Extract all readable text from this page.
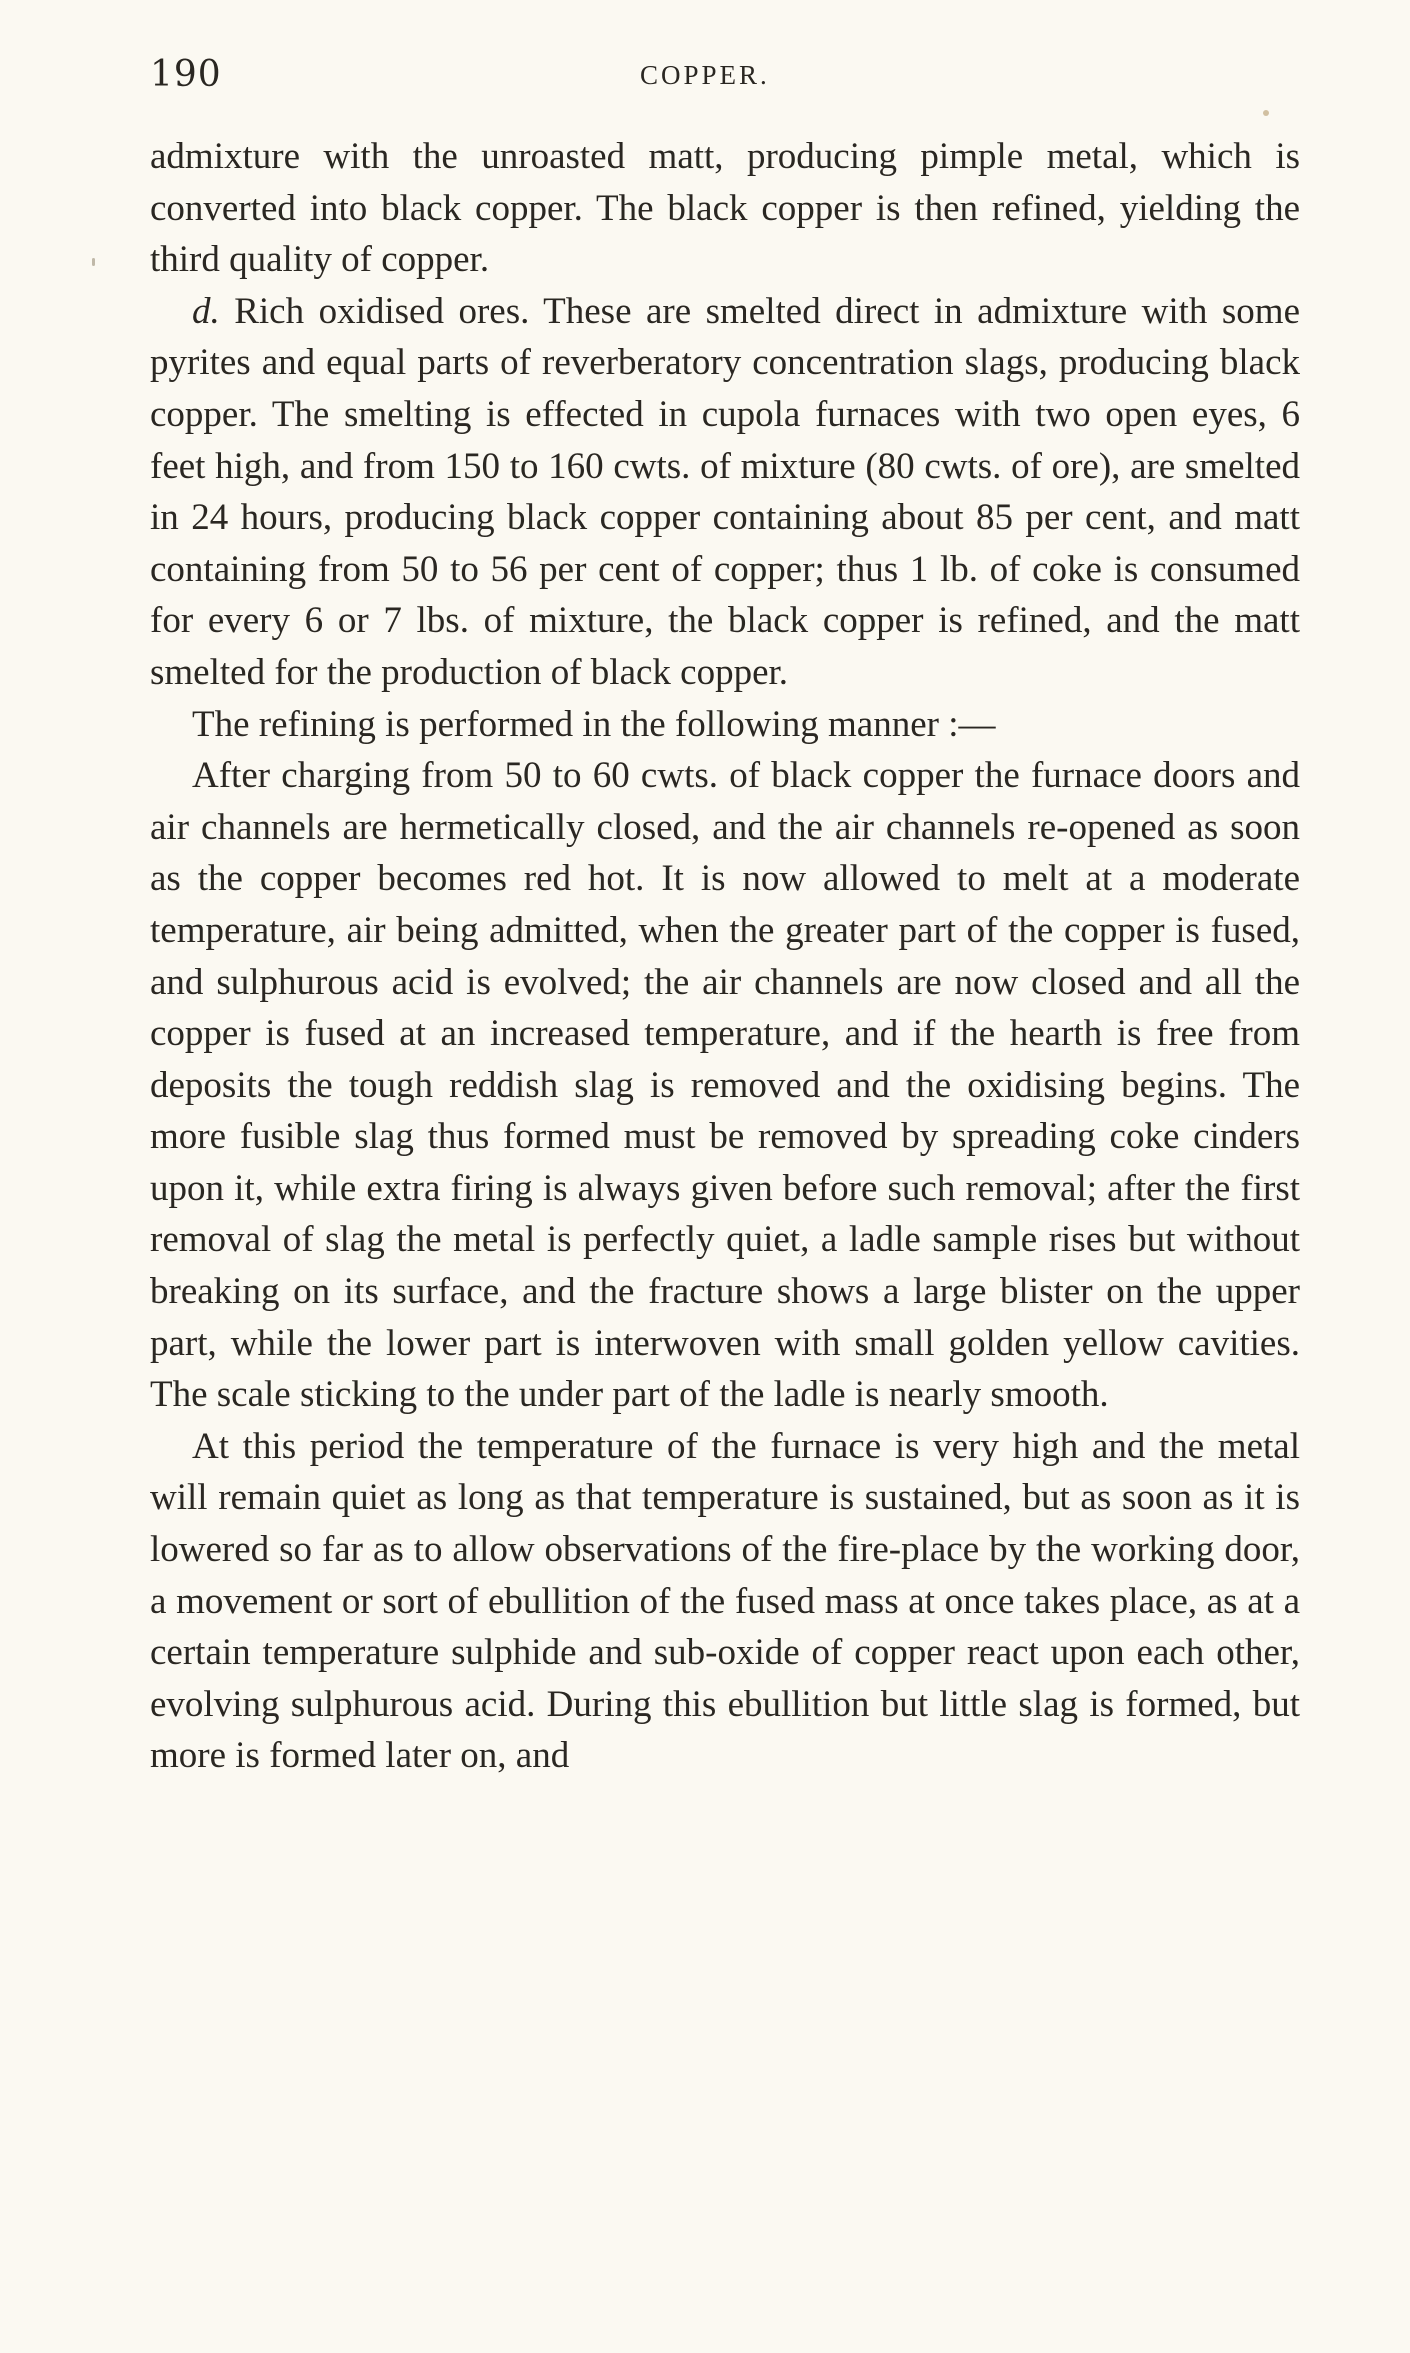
190	COPPER.

admixture with the unroasted matt, producing pimple metal, which is converted into black copper. The black copper is then refined, yielding the third quality of copper.

d. Rich oxidised ores. These are smelted direct in admixture with some pyrites and equal parts of reverberatory concentration slags, producing black copper. The smelting is effected in cupola furnaces with two open eyes, 6 feet high, and from 150 to 160 cwts. of mixture (80 cwts. of ore), are smelted in 24 hours, producing black copper containing about 85 per cent, and matt containing from 50 to 56 per cent of copper; thus 1 lb. of coke is consumed for every 6 or 7 lbs. of mixture, the black copper is refined, and the matt smelted for the production of black copper.

The refining is performed in the following manner :—

After charging from 50 to 60 cwts. of black copper the furnace doors and air channels are hermetically closed, and the air channels re-opened as soon as the copper becomes red hot. It is now allowed to melt at a moderate temperature, air being admitted, when the greater part of the copper is fused, and sulphurous acid is evolved; the air channels are now closed and all the copper is fused at an increased temperature, and if the hearth is free from deposits the tough reddish slag is removed and the oxidising begins. The more fusible slag thus formed must be removed by spreading coke cinders upon it, while extra firing is always given before such removal; after the first removal of slag the metal is perfectly quiet, a ladle sample rises but without breaking on its surface, and the fracture shows a large blister on the upper part, while the lower part is interwoven with small golden yellow cavities. The scale sticking to the under part of the ladle is nearly smooth.

At this period the temperature of the furnace is very high and the metal will remain quiet as long as that temperature is sustained, but as soon as it is lowered so far as to allow observations of the fire-place by the working door, a movement or sort of ebullition of the fused mass at once takes place, as at a certain temperature sulphide and sub-oxide of copper react upon each other, evolving sulphurous acid. During this ebullition but little slag is formed, but more is formed later on, and
